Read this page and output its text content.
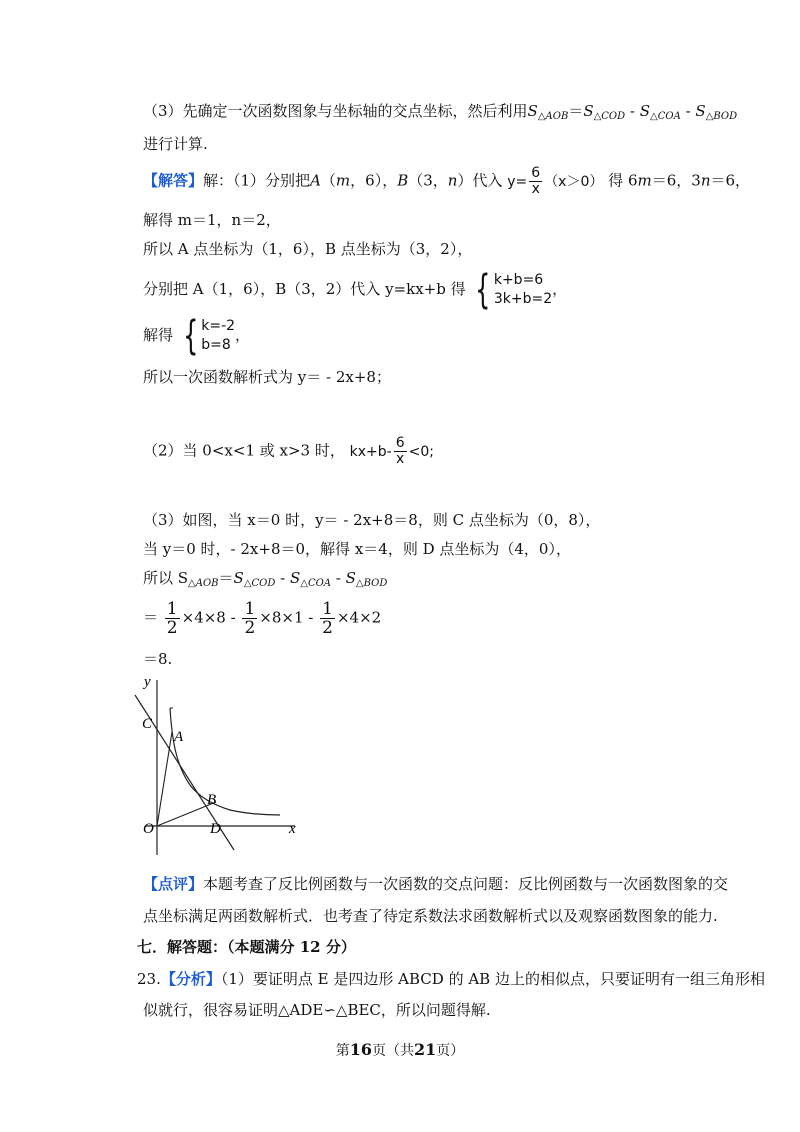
（3）先确定一次函数图象与坐标轴的交点坐标，然后利用$S_{\triangle AOB}=S_{\triangle COD}$ ‑ $S_{\triangle COA}$ ‑ $S_{\triangle BOD}$
进行计算.
【解答】解：（1）分别把A（m，6），B（3，n）代入 $y= \frac{6}{x} (x>0)$ 得 6m＝6，3n＝6，
解得 m＝1，n＝2，
所以 A 点坐标为（1，6），B 点坐标为（3，2），
分别把 A（1，6），B（3，2）代入 y=kx+b 得 { k+b=6
3k+b=2
，
解得 { k=-2
b=8
，
所以一次函数解析式为 y＝ ‑ 2x+8；
（2）当 0<x<1 或 x>3 时， kx+b‑ $\frac{6}{x} <0$;
（3）如图，当 x＝0 时，y＝ ‑ 2x+8＝8，则 C 点坐标为（0，8），
当 y＝0 时，‑ 2x+8＝0，解得 x＝4，则 D 点坐标为（4，0），
所以 $S_{\triangle AOB}=S_{\triangle COD}$ ‑ $S_{\triangle COA}$ ‑ $S_{\triangle BOD}$
＝ $\frac{1}{2} \times 4\times 8$ ‑ $\frac{1}{2} \times 8\times 1$ ‑ $\frac{1}{2} \times 4\times 2$
＝8.
y
x
C
A
B
O	D
【点评】本题考查了反比例函数与一次函数的交点问题：反比例函数与一次函数图象的交
点坐标满足两函数解析式．也考查了待定系数法求函数解析式以及观察函数图象的能力.
七．解答题：（本题满分 12 分）
23.【分析】（1）要证明点 E 是四边形 ABCD 的 AB 边上的相似点，只要证明有一组三角形相
似就行，很容易证明△ADE∽△BEC，所以问题得解.
第16页（共21页）
